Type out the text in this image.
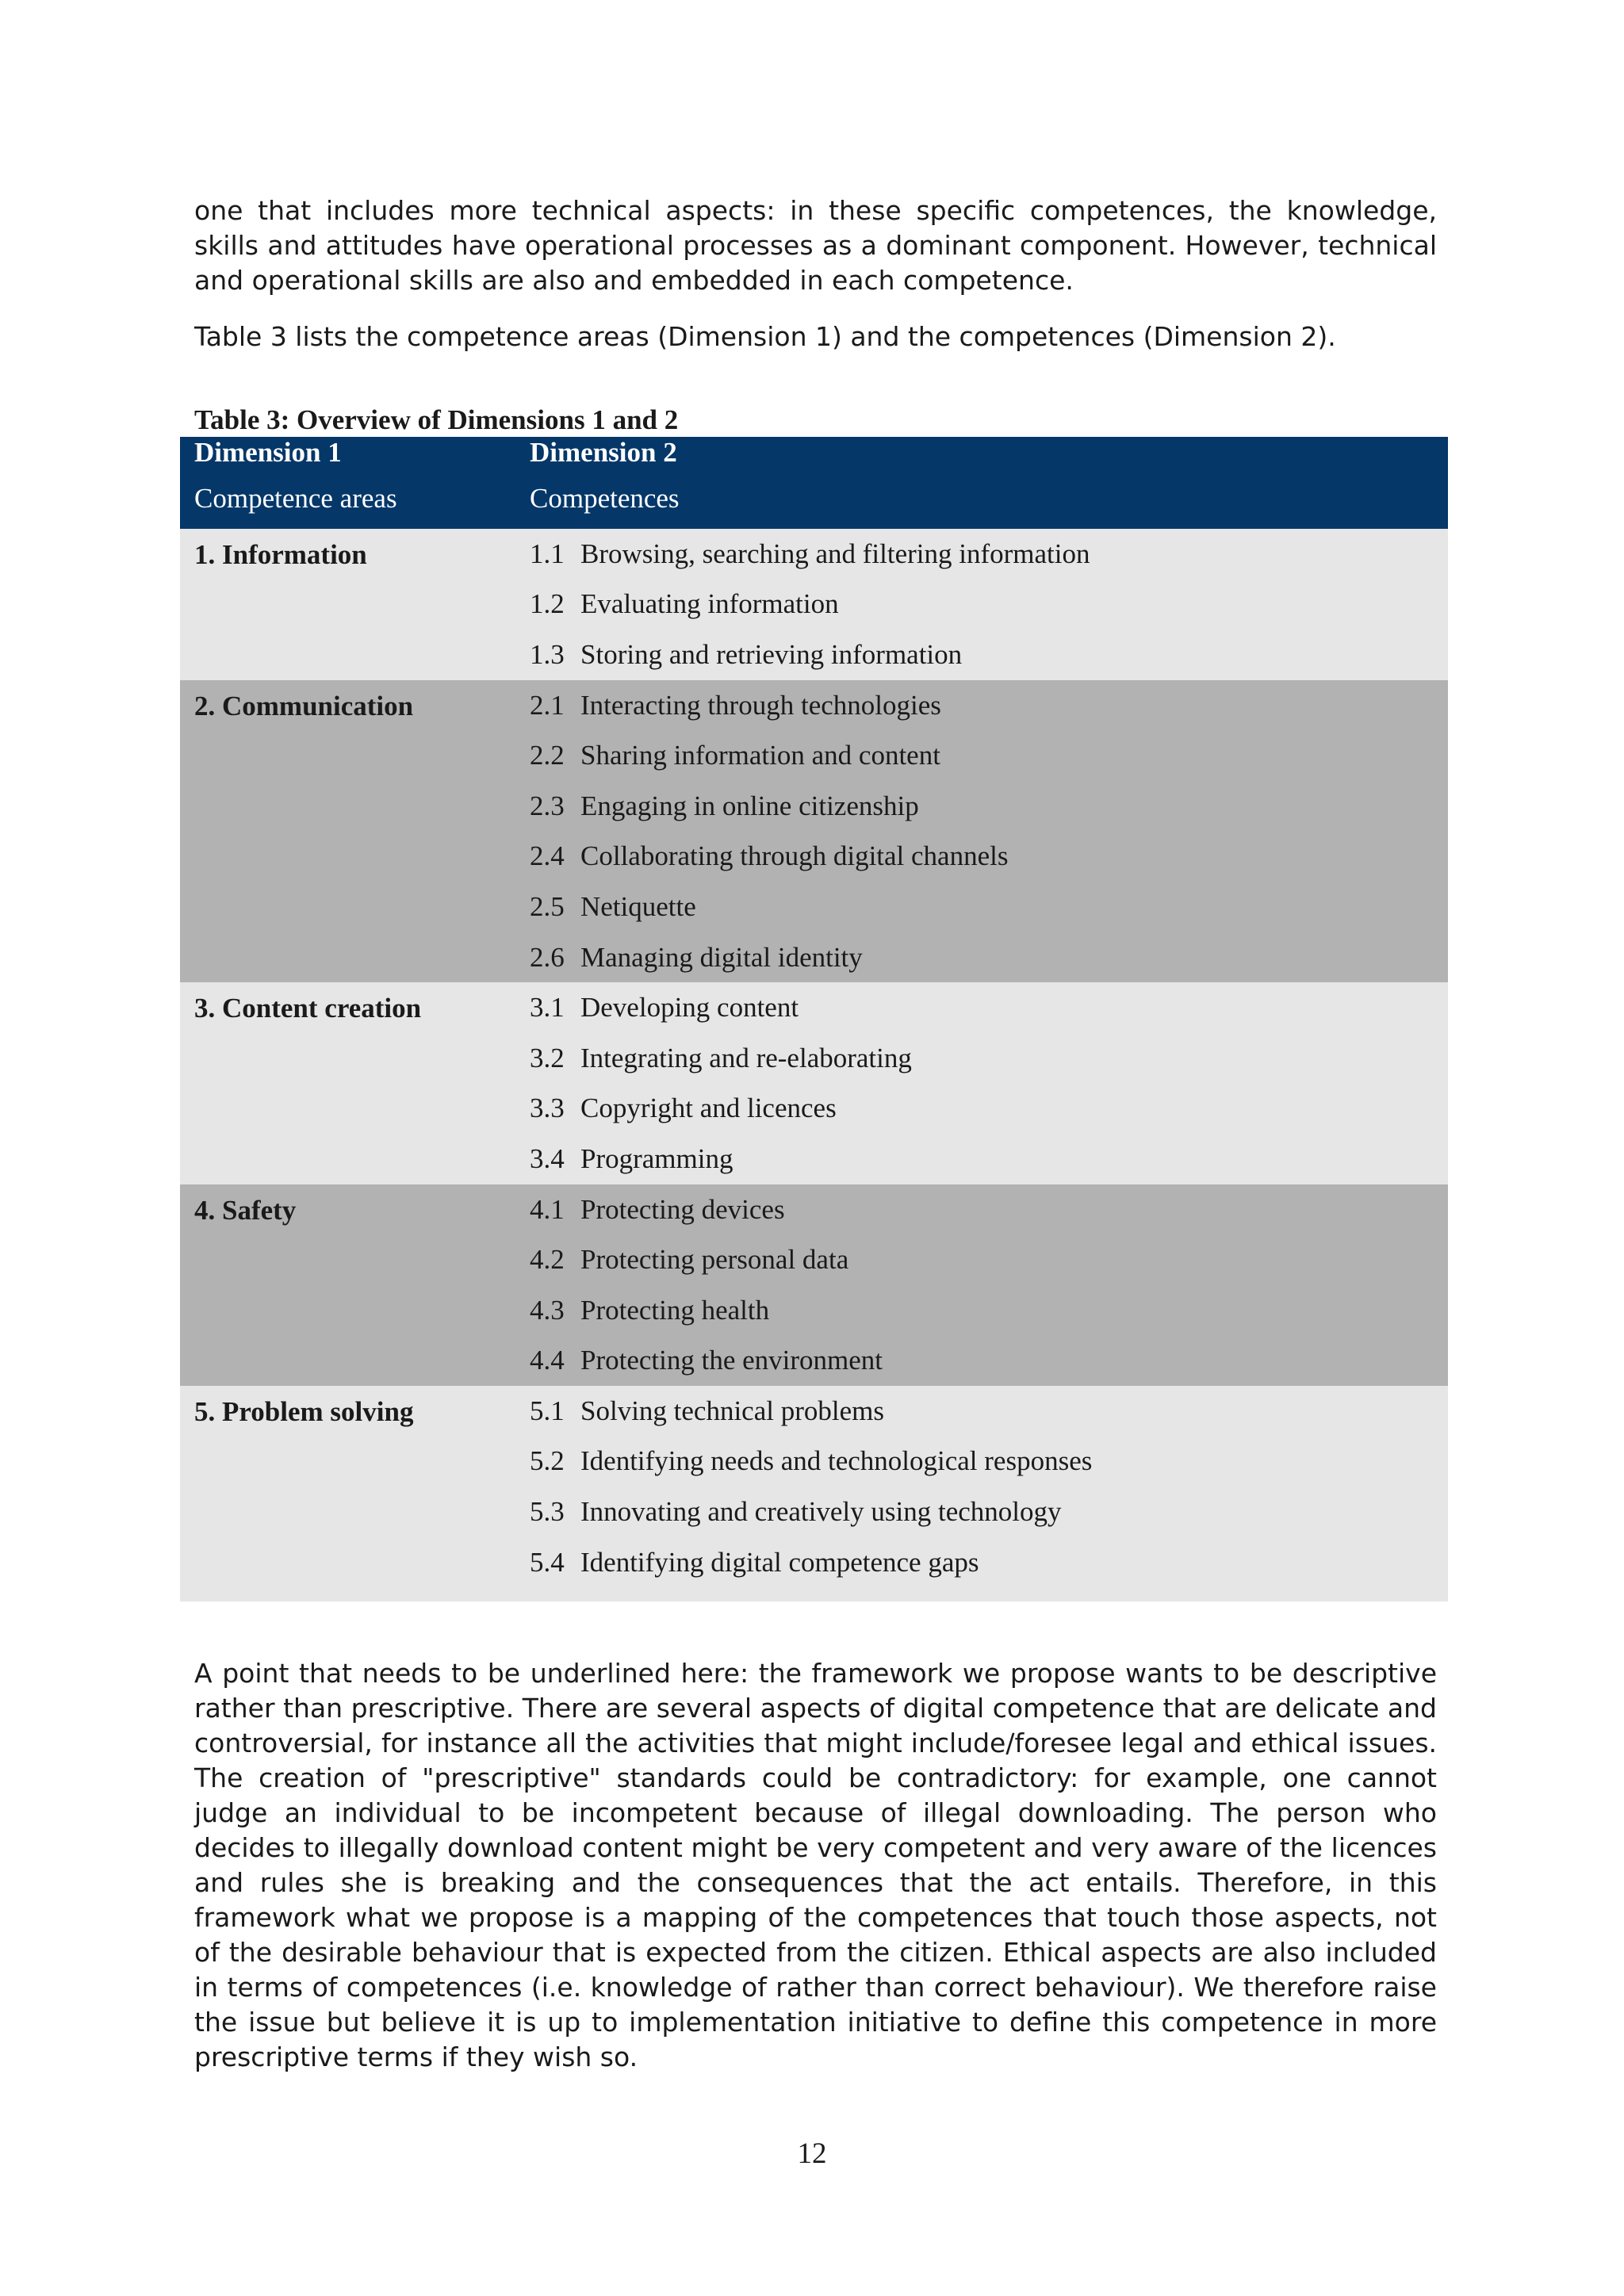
one that includes more technical aspects: in these specific competences, the knowledge, skills and attitudes have operational processes as a dominant component. However, technical and operational skills are also and embedded in each competence.

Table 3 lists the competence areas (Dimension 1) and the competences (Dimension 2).

Table 3: Overview of Dimensions 1 and 2

Dimension 1	Dimension 2
Competence areas	Competences
1. Information	1.1 Browsing, searching and filtering information
	1.2 Evaluating information
	1.3 Storing and retrieving information
2. Communication	2.1 Interacting through technologies
	2.2 Sharing information and content
	2.3 Engaging in online citizenship
	2.4 Collaborating through digital channels
	2.5 Netiquette
	2.6 Managing digital identity
3. Content creation	3.1 Developing content
	3.2 Integrating and re-elaborating
	3.3 Copyright and licences
	3.4 Programming
4. Safety	4.1 Protecting devices
	4.2 Protecting personal data
	4.3 Protecting health
	4.4 Protecting the environment
5. Problem solving	5.1 Solving technical problems
	5.2 Identifying needs and technological responses
	5.3 Innovating and creatively using technology
	5.4 Identifying digital competence gaps

A point that needs to be underlined here: the framework we propose wants to be descriptive rather than prescriptive. There are several aspects of digital competence that are delicate and controversial, for instance all the activities that might include/foresee legal and ethical issues. The creation of "prescriptive" standards could be contradictory: for example, one cannot judge an individual to be incompetent because of illegal downloading. The person who decides to illegally download content might be very competent and very aware of the licences and rules she is breaking and the consequences that the act entails. Therefore, in this framework what we propose is a mapping of the competences that touch those aspects, not of the desirable behaviour that is expected from the citizen. Ethical aspects are also included in terms of competences (i.e. knowledge of rather than correct behaviour). We therefore raise the issue but believe it is up to implementation initiative to define this competence in more prescriptive terms if they wish so.

12
